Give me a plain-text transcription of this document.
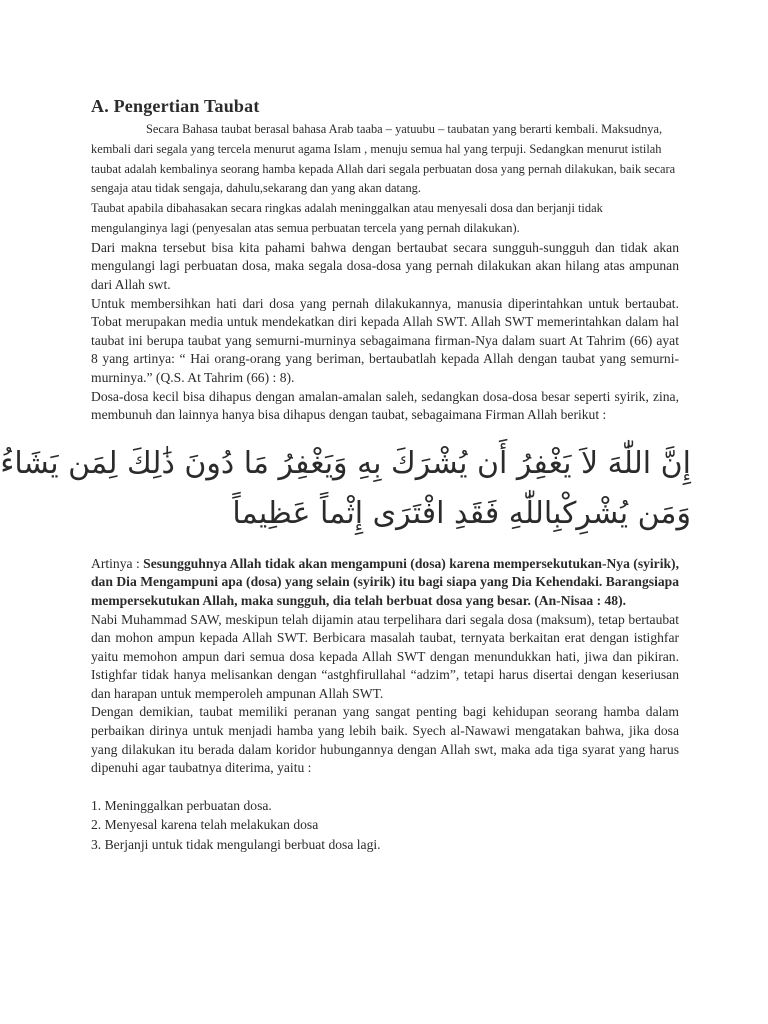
A. Pengertian Taubat

Secara Bahasa taubat berasal bahasa Arab taaba – yatuubu – taubatan yang berarti kembali. Maksudnya, kembali dari segala yang tercela menurut agama Islam , menuju semua hal yang terpuji. Sedangkan menurut istilah taubat adalah kembalinya seorang hamba kepada Allah dari segala perbuatan dosa yang pernah dilakukan, baik secara sengaja atau tidak sengaja, dahulu,sekarang dan yang akan datang.

Taubat apabila dibahasakan secara ringkas adalah meninggalkan atau menyesali dosa dan berjanji tidak mengulanginya lagi (penyesalan atas semua perbuatan tercela yang pernah dilakukan).

Dari makna tersebut bisa kita pahami bahwa dengan bertaubat secara sungguh-sungguh dan tidak akan mengulangi lagi perbuatan dosa, maka segala dosa-dosa yang pernah dilakukan akan hilang atas ampunan dari Allah swt.

Untuk membersihkan hati dari dosa yang pernah dilakukannya, manusia diperintahkan untuk bertaubat. Tobat merupakan media untuk mendekatkan diri kepada Allah SWT. Allah SWT memerintahkan dalam hal taubat ini berupa taubat yang semurni-murninya sebagaimana firman-Nya dalam suart At Tahrim (66) ayat 8 yang artinya: “ Hai orang-orang yang beriman, bertaubatlah kepada Allah dengan taubat yang semurni-murninya.” (Q.S. At Tahrim (66) : 8).

Dosa-dosa kecil bisa dihapus dengan amalan-amalan saleh, sedangkan dosa-dosa besar seperti syirik, zina, membunuh dan lainnya hanya bisa dihapus dengan taubat, sebagaimana Firman Allah berikut :

إِنَّ اللّٰهَ لاَ يَغْفِرُ أَن يُشْرَكَ بِهِ وَيَغْفِرُ مَا دُونَ ذَٰلِكَ لِمَن يَشَاءُ
وَمَن يُشْرِكْبِاللّٰهِ فَقَدِ افْتَرَى إِثْماً عَظِيماً

Artinya : Sesungguhnya Allah tidak akan mengampuni (dosa) karena mempersekutukan-Nya (syirik), dan Dia Mengampuni apa (dosa) yang selain (syirik) itu bagi siapa yang Dia Kehendaki. Barangsiapa mempersekutukan Allah, maka sungguh, dia telah berbuat dosa yang besar. (An-Nisaa : 48).

Nabi Muhammad SAW, meskipun telah dijamin atau terpelihara dari segala dosa (maksum), tetap bertaubat dan mohon ampun kepada Allah SWT. Berbicara masalah taubat, ternyata berkaitan erat dengan istighfar yaitu memohon ampun dari semua dosa kepada Allah SWT dengan menundukkan hati, jiwa dan pikiran. Istighfar tidak hanya melisankan dengan “astghfirullahal “adzim”, tetapi harus disertai dengan keseriusan dan harapan untuk memperoleh ampunan Allah SWT.

Dengan demikian, taubat memiliki peranan yang sangat penting bagi kehidupan seorang hamba dalam perbaikan dirinya untuk menjadi hamba yang lebih baik. Syech al-Nawawi mengatakan bahwa, jika dosa yang dilakukan itu berada dalam koridor hubungannya dengan Allah swt, maka ada tiga syarat yang harus dipenuhi agar taubatnya diterima, yaitu :

1. Meninggalkan perbuatan dosa.
2. Menyesal karena telah melakukan dosa
3. Berjanji untuk tidak mengulangi berbuat dosa lagi.
